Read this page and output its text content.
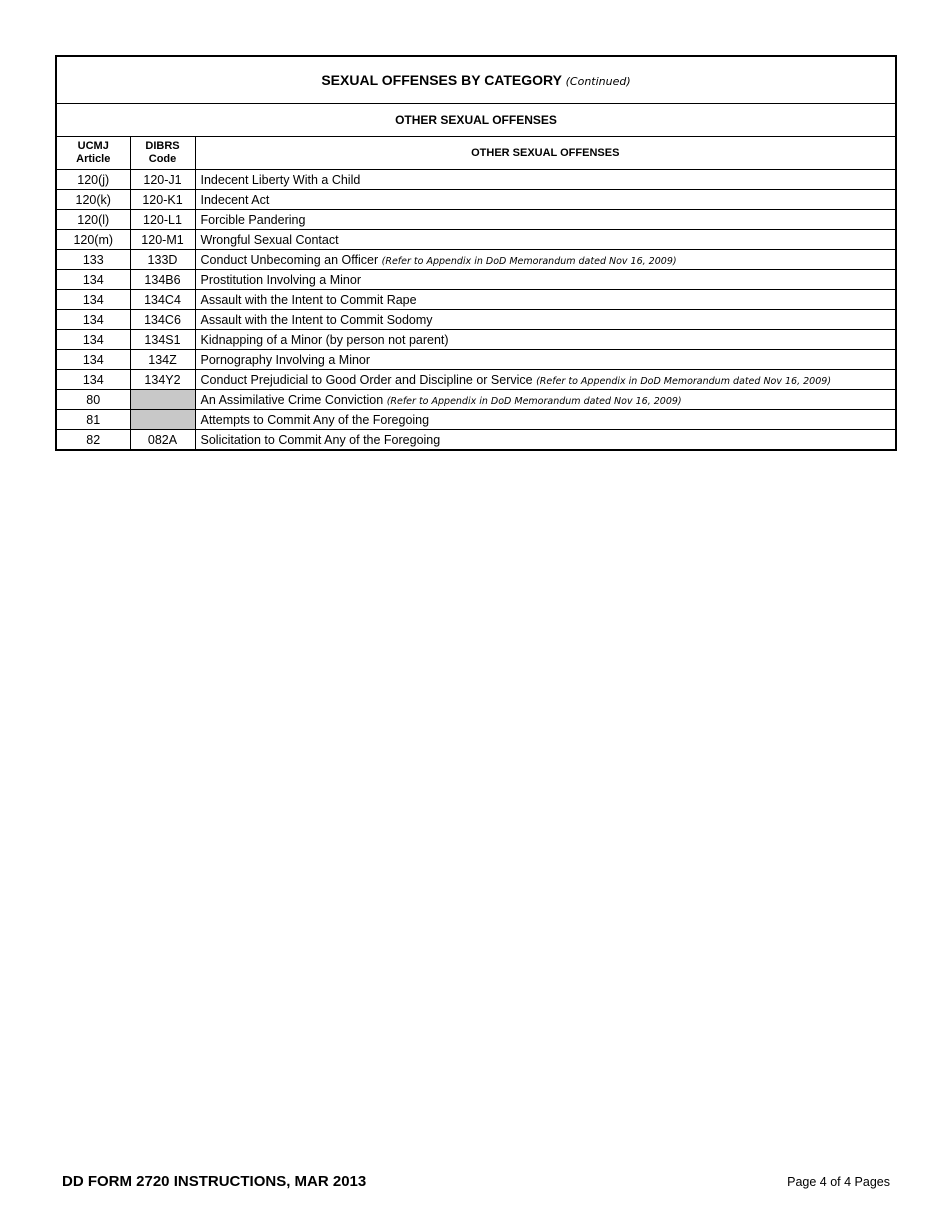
SEXUAL OFFENSES BY CATEGORY (Continued)		
OTHER SEXUAL OFFENSES		
UCMJ Article	DIBRS Code	OTHER SEXUAL OFFENSES
120(j)	120-J1	Indecent Liberty With a Child
120(k)	120-K1	Indecent Act
120(l)	120-L1	Forcible Pandering
120(m)	120-M1	Wrongful Sexual Contact
133	133D	Conduct Unbecoming an Officer (Refer to Appendix in DoD Memorandum dated Nov 16, 2009)
134	134B6	Prostitution Involving a Minor
134	134C4	Assault with the Intent to Commit Rape
134	134C6	Assault with the Intent to Commit Sodomy
134	134S1	Kidnapping of a Minor (by person not parent)
134	134Z	Pornography Involving a Minor
134	134Y2	Conduct Prejudicial to Good Order and Discipline or Service (Refer to Appendix in DoD Memorandum dated Nov 16, 2009)
80		An Assimilative Crime Conviction (Refer to Appendix in DoD Memorandum dated Nov 16, 2009)
81		Attempts to Commit Any of the Foregoing
82	082A	Solicitation to Commit Any of the Foregoing
DD FORM 2720 INSTRUCTIONS, MAR 2013	Page 4 of 4 Pages
